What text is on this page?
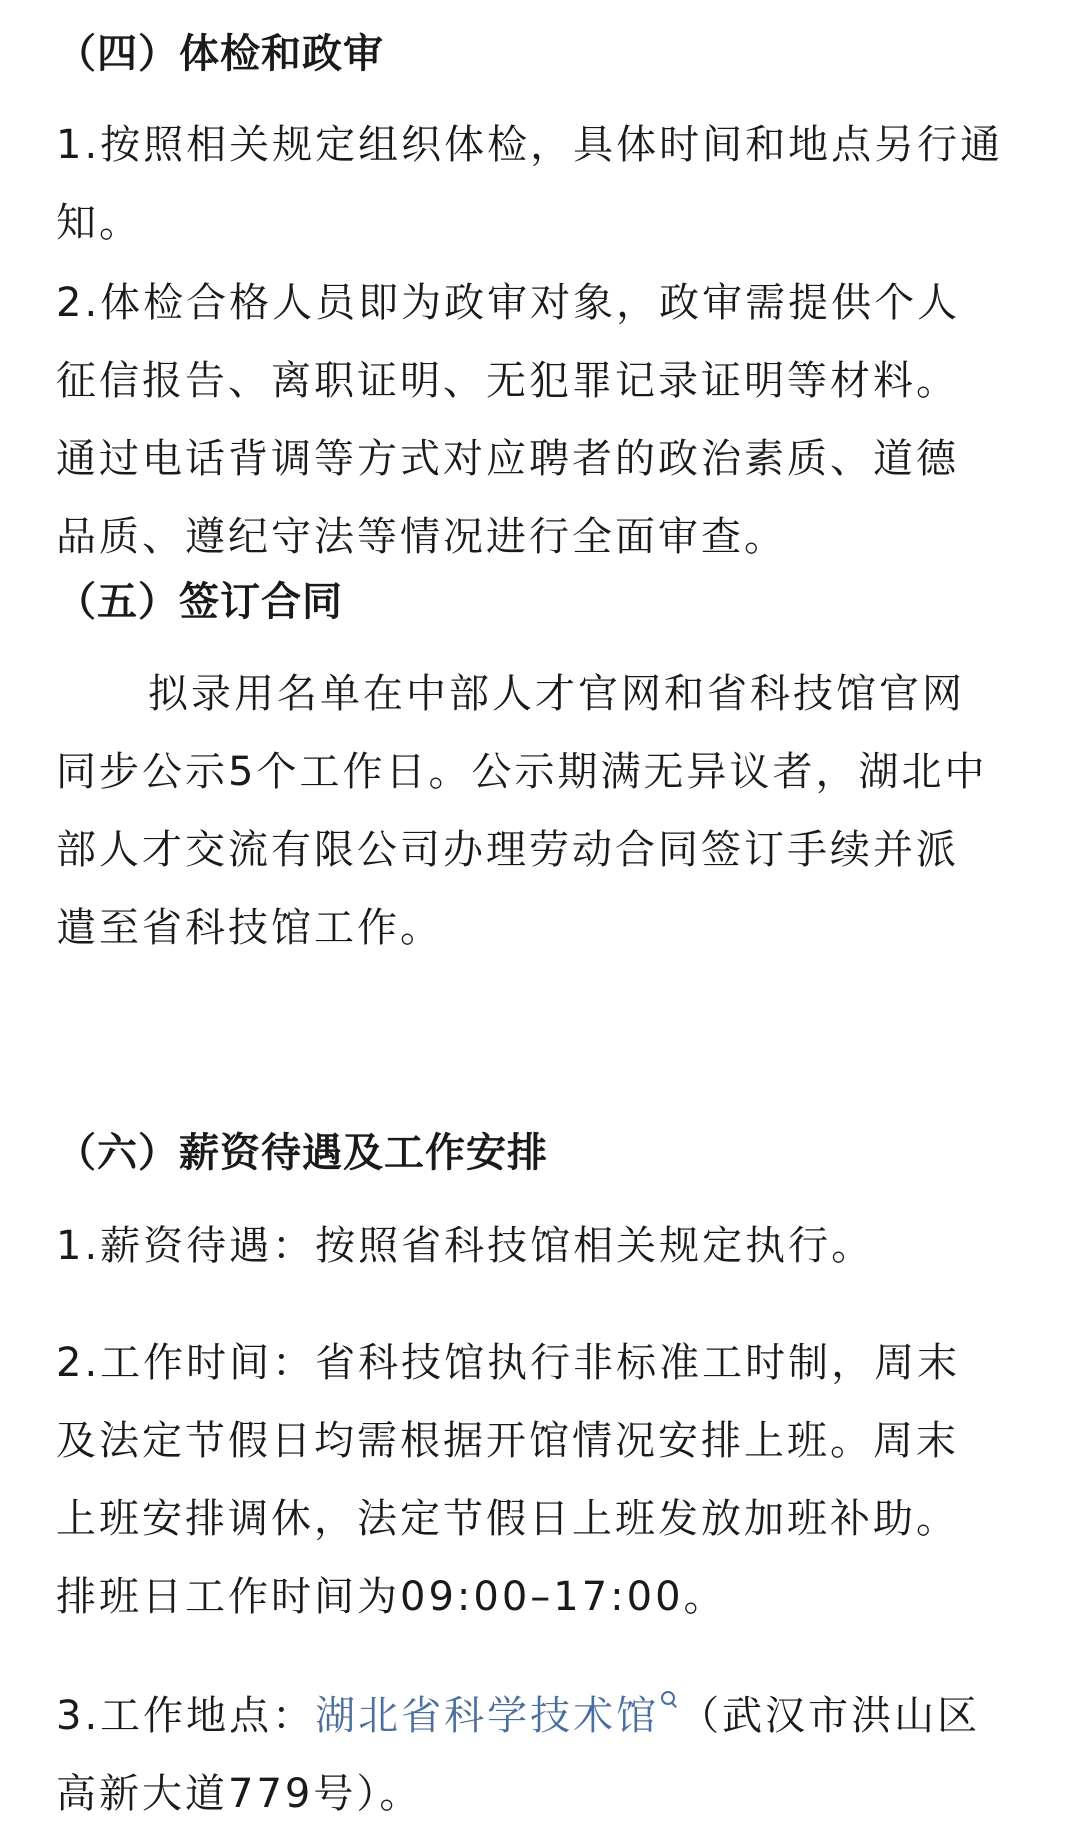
（四）体检和政审

1.按照相关规定组织体检，具体时间和地点另行通
知。

2.体检合格人员即为政审对象，政审需提供个人
征信报告、离职证明、无犯罪记录证明等材料。
通过电话背调等方式对应聘者的政治素质、道德
品质、遵纪守法等情况进行全面审查。

（五）签订合同

拟录用名单在中部人才官网和省科技馆官网
同步公示5个工作日。公示期满无异议者，湖北中
部人才交流有限公司办理劳动合同签订手续并派
遣至省科技馆工作。

（六）薪资待遇及工作安排

1.薪资待遇：按照省科技馆相关规定执行。

2.工作时间：省科技馆执行非标准工时制，周末
及法定节假日均需根据开馆情况安排上班。周末
上班安排调休，法定节假日上班发放加班补助。
排班日工作时间为09:00–17:00。

3.工作地点：湖北省科学技术馆 （武汉市洪山区
高新大道779号）。
